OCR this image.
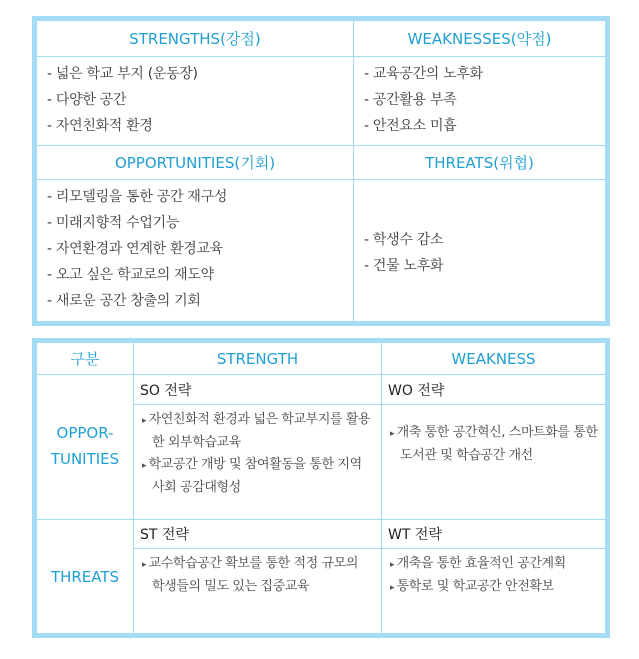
STRENGTHS(강점)
- 넓은 학교 부지 (운동장)
- 다양한 공간
- 자연친화적 환경
WEAKNESSES(약점)
- 교육공간의 노후화
- 공간활용 부족
- 안전요소 미흡
OPPORTUNITIES(기회)
- 리모델링을 통한 공간 재구성
- 미래지향적 수업기능
- 자연환경과 연계한 환경교육
- 오고 싶은 학교로의 재도약
- 새로운 공간 창출의 기회
THREATS(위협)
- 학생수 감소
- 건물 노후화
구분	STRENGTH	WEAKNESS
OPPOR-
TUNITIES
SO 전략
▸ 자연친화적 환경과 넓은 학교부지를 활용한 외부학습교육
▸ 학교공간 개방 및 참여활동을 통한 지역사회 공감대형성
WO 전략
▸ 개축 통한 공간혁신, 스마트화를 통한 도서관 및 학습공간 개선
THREATS
ST 전략
▸ 교수학습공간 확보를 통한 적정 규모의 학생들의 밀도 있는 집중교육
WT 전략
▸ 개축을 통한 효율적인 공간계획
▸ 통학로 및 학교공간 안전확보
